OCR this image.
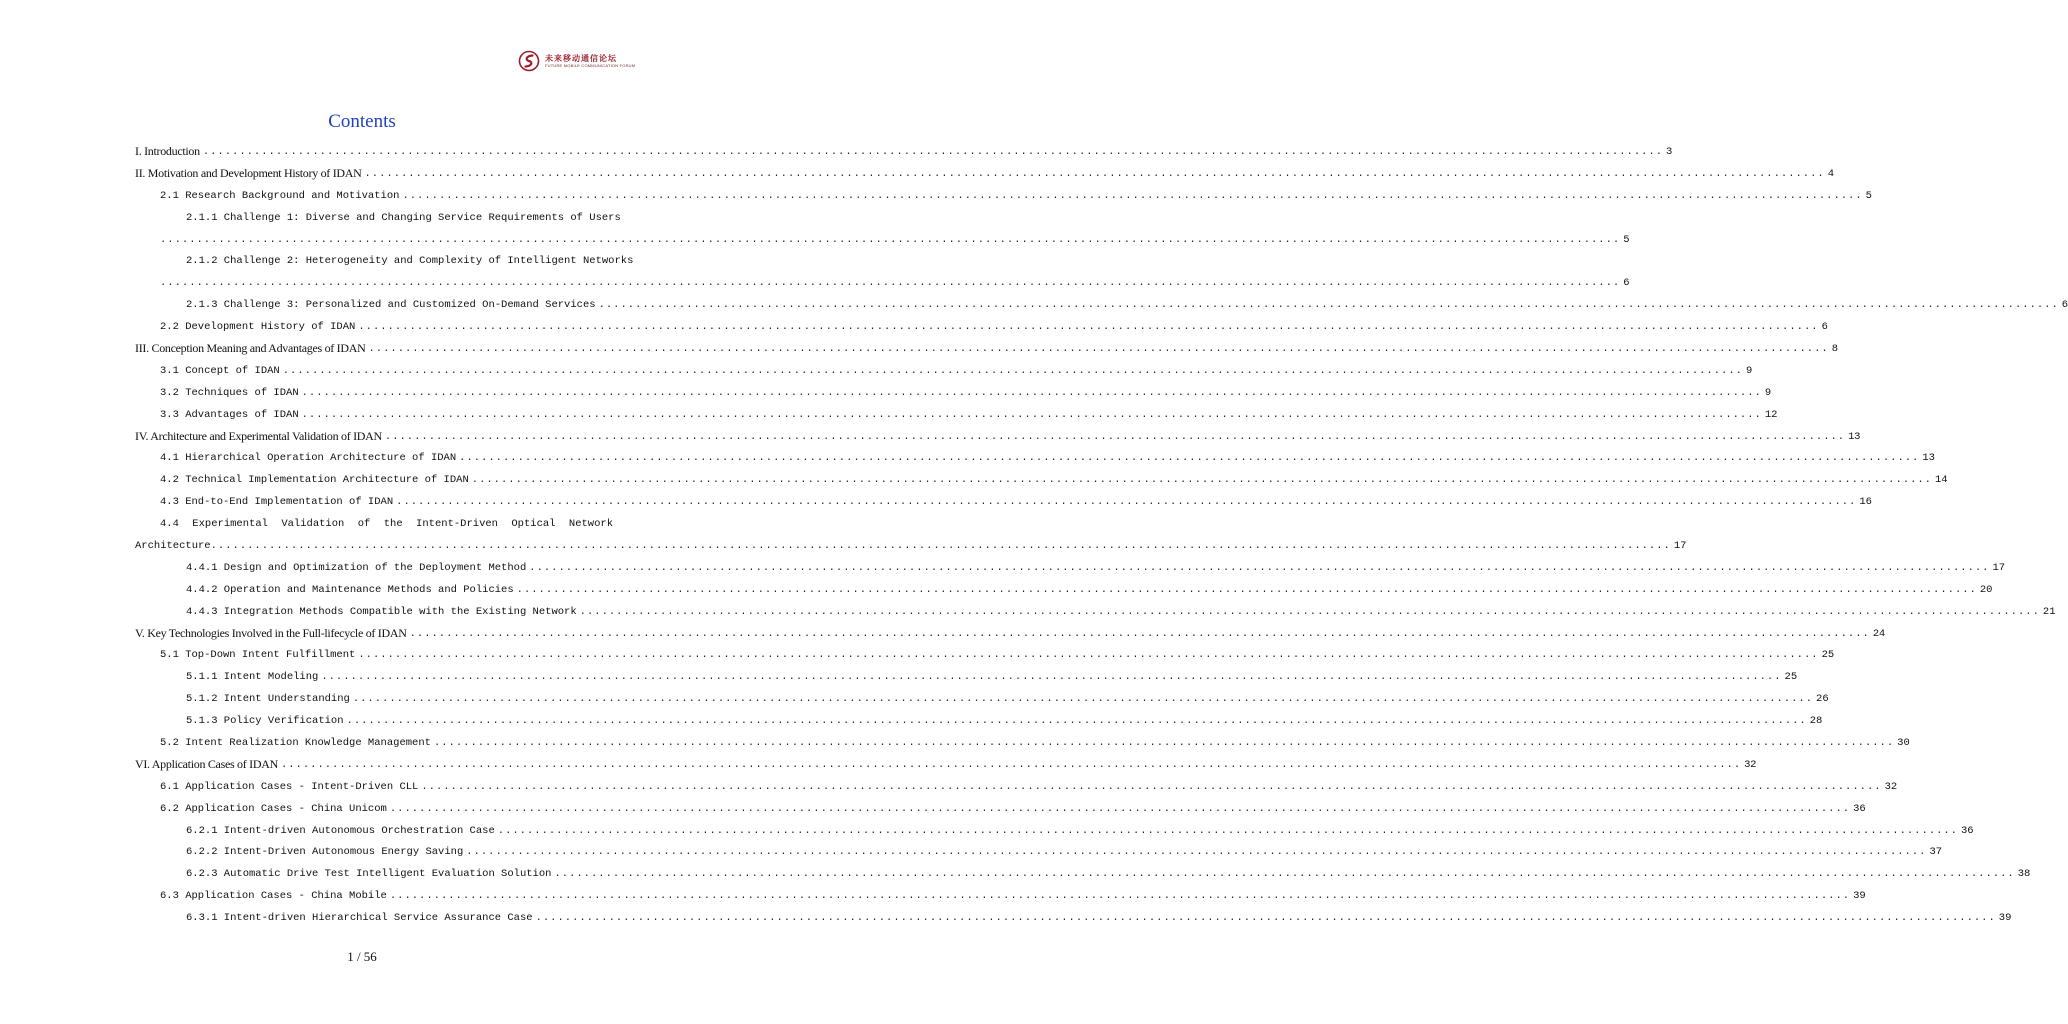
未来移动通信论坛
FUTURE MOBILE COMMUNICATION FORUM
Contents
I. Introduction ........................................................................................................................................................................................................ 3
II. Motivation and Development History of IDAN ........................................................................................................................................................................................................ 4
2.1 Research Background and Motivation ........................................................................................................................................................................................................ 5
2.1.1 Challenge 1: Diverse and Changing Service Requirements of Users
........................................................................................................................................................................................................ 5
2.1.2 Challenge 2: Heterogeneity and Complexity of Intelligent Networks
........................................................................................................................................................................................................ 6
2.1.3 Challenge 3: Personalized and Customized On-Demand Services ........................................................................................................................................................................................................ 6
2.2 Development History of IDAN ........................................................................................................................................................................................................ 6
III. Conception Meaning and Advantages of IDAN ........................................................................................................................................................................................................ 8
3.1 Concept of IDAN ........................................................................................................................................................................................................ 9
3.2 Techniques of IDAN ........................................................................................................................................................................................................ 9
3.3 Advantages of IDAN ........................................................................................................................................................................................................ 12
IV. Architecture and Experimental Validation of IDAN ........................................................................................................................................................................................................ 13
4.1 Hierarchical Operation Architecture of IDAN ........................................................................................................................................................................................................ 13
4.2 Technical Implementation Architecture of IDAN ........................................................................................................................................................................................................ 14
4.3 End-to-End Implementation of IDAN ........................................................................................................................................................................................................ 16
4.4 Experimental Validation of the Intent-Driven Optical Network
Architecture ........................................................................................................................................................................................................ 17
4.4.1 Design and Optimization of the Deployment Method ........................................................................................................................................................................................................ 17
4.4.2 Operation and Maintenance Methods and Policies ........................................................................................................................................................................................................ 20
4.4.3 Integration Methods Compatible with the Existing Network ........................................................................................................................................................................................................ 21
V. Key Technologies Involved in the Full-lifecycle of IDAN ........................................................................................................................................................................................................ 24
5.1 Top-Down Intent Fulfillment ........................................................................................................................................................................................................ 25
5.1.1 Intent Modeling ........................................................................................................................................................................................................ 25
5.1.2 Intent Understanding ........................................................................................................................................................................................................ 26
5.1.3 Policy Verification ........................................................................................................................................................................................................ 28
5.2 Intent Realization Knowledge Management ........................................................................................................................................................................................................ 30
VI. Application Cases of IDAN ........................................................................................................................................................................................................ 32
6.1 Application Cases - Intent-Driven CLL ........................................................................................................................................................................................................ 32
6.2 Application Cases - China Unicom ........................................................................................................................................................................................................ 36
6.2.1 Intent-driven Autonomous Orchestration Case ........................................................................................................................................................................................................ 36
6.2.2 Intent-Driven Autonomous Energy Saving ........................................................................................................................................................................................................ 37
6.2.3 Automatic Drive Test Intelligent Evaluation Solution ........................................................................................................................................................................................................ 38
6.3 Application Cases - China Mobile ........................................................................................................................................................................................................ 39
6.3.1 Intent-driven Hierarchical Service Assurance Case ........................................................................................................................................................................................................ 39
1 / 56
